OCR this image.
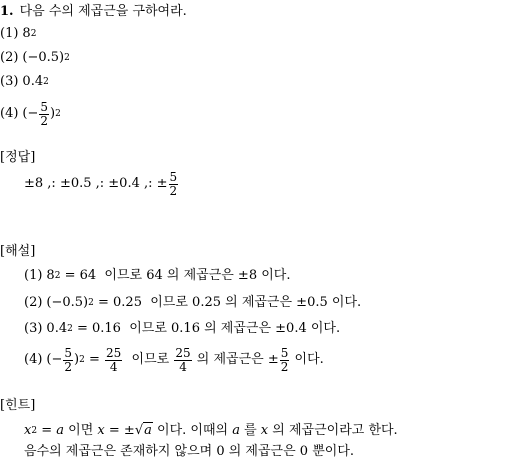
1. 다음 수의 제곱근을 구하여라.
(1) 8 2
(2) (−0.5) 2
(3) 0.4 2
(4) (− $\frac{5}{2}$ ) 2
[정답]
±8 ,: ±0.5 ,: ±0.4 ,: ± $\frac{5}{2}$
[해설]
(1) 8 2 = 64  이므로 64 의 제곱근은 ±8 이다.
(2) (−0.5) 2 = 0.25  이므로 0.25 의 제곱근은 ±0.5 이다.
(3) 0.4 2 = 0.16  이므로 0.16 의 제곱근은 ±0.4 이다.
(4) (− $\frac{5}{2}$ ) $2 = \frac{25}{4}$ 이므로 $\frac{25}{4}$ 의 제곱근은 ± $\frac{5}{2}$ 이다.
[힌트]
x 2 = a 이면 x = ± √ a 이다. 이때의 a 를 x 의 제곱근이라고 한다.
음수의 제곱근은 존재하지 않으며 0 의 제곱근은 0 뿐이다.
